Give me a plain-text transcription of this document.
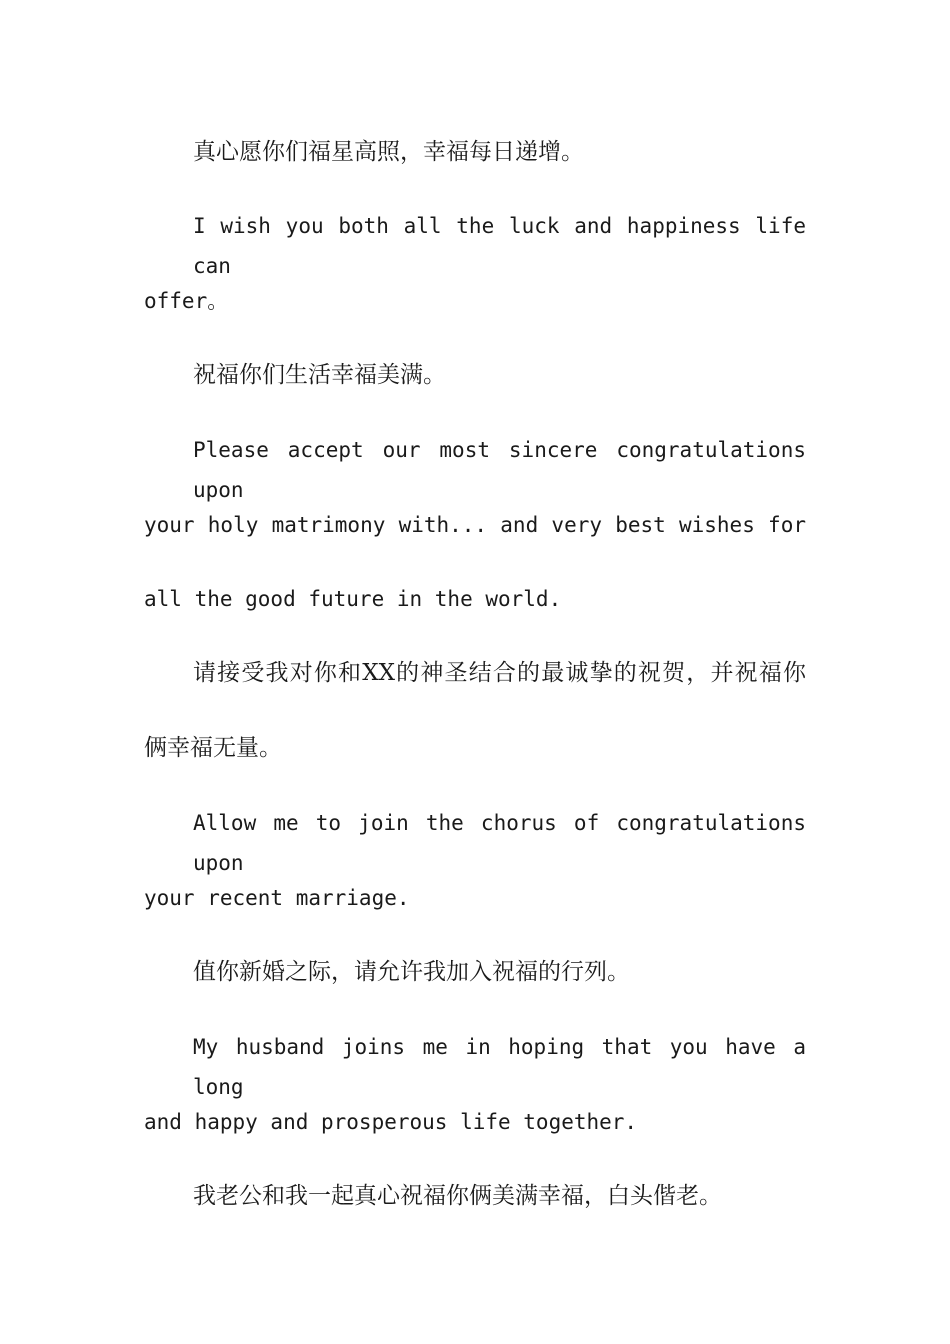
真心愿你们福星高照，幸福每日递增。
I wish you both all the luck and happiness life can
offer。
祝福你们生活幸福美满。
Please accept our most sincere congratulations upon
your holy matrimony with... and very best wishes for
all the good future in the world.
请接受我对你和XX的神圣结合的最诚挚的祝贺，并祝福你
俩幸福无量。
Allow me to join the chorus of congratulations upon
your recent marriage.
值你新婚之际，请允许我加入祝福的行列。
My husband joins me in hoping that you have a long
and happy and prosperous life together.
我老公和我一起真心祝福你俩美满幸福，白头偕老。
